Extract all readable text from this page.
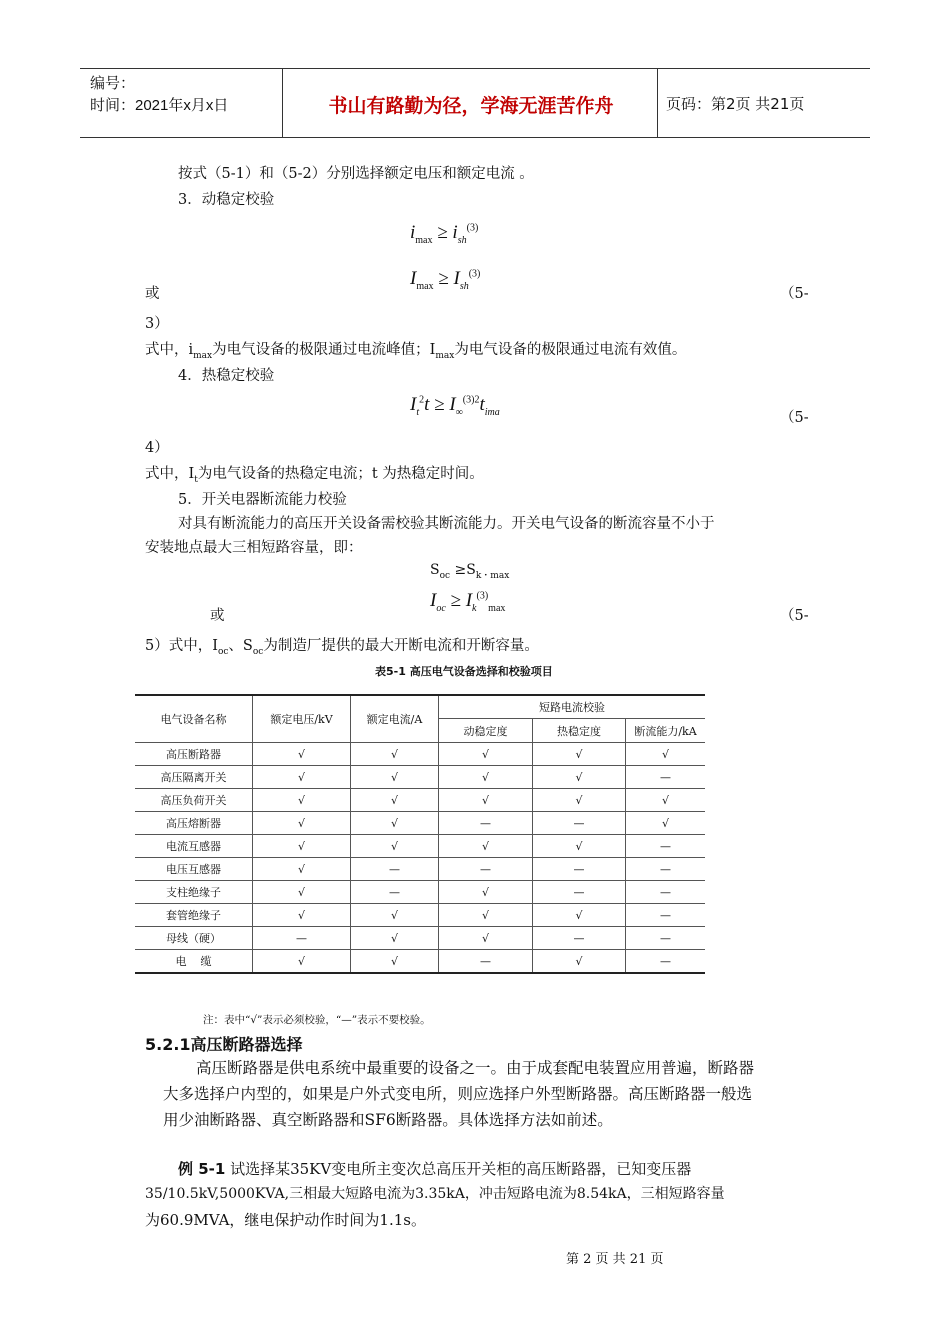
编号：
时间：2021年x月x日	书山有路勤为径，学海无涯苦作舟	页码：第2页 共21页
按式（5-1）和（5-2）分别选择额定电压和额定电流 。
3．动稳定校验
$i_{max} \ge i_{sh}^{(3)}$
或
$I_{max} \ge I_{sh}^{(3)}$
（5-
3）
式中，$i_{max}$为电气设备的极限通过电流峰值；$I_{max}$为电气设备的极限通过电流有效值。
4．热稳定校验
$I_t^2t \ge I_\infty^{(3)2}t_{ima}$	（5-
4）
式中，$I_t$为电气设备的热稳定电流；t 为热稳定时间。
5．开关电器断流能力校验
对具有断流能力的高压开关设备需校验其断流能力。开关电气设备的断流容量不小于
安装地点最大三相短路容量，即：
$S_{oc} \ge S_{k・max}$
或
$I_{oc} \ge I_k^{(3)}_{max}$	（5-
5）式中，$I_{oc}$、$S_{oc}$为制造厂提供的最大开断电流和开断容量。
表5-1 高压电气设备选择和校验项目
电气设备名称	额定电压/kV	额定电流/A	短路电流校验		
			动稳定度	热稳定度	断流能力/kA
高压断路器	√	√	√	√	√
高压隔离开关	√	√	√	√	—
高压负荷开关	√	√	√	√	√
高压熔断器	√	√	—	—	√
电流互感器	√	√	√	√	—
电压互感器	√	—	—	—	—
支柱绝缘子	√	—	√	—	—
套管绝缘子	√	√	√	√	—
母线（硬）	—	√	√	—	—
电    缆	√	√	—	√	—
注：表中“√”表示必须校验，“—”表示不要校验。
5.2.1高压断路器选择
高压断路器是供电系统中最重要的设备之一。由于成套配电装置应用普遍，断路器
大多选择户内型的，如果是户外式变电所，则应选择户外型断路器。高压断路器一般选
用少油断路器、真空断路器和SF6断路器。具体选择方法如前述。
例 5-1 试选择某35KV变电所主变次总高压开关柜的高压断路器，已知变压器
35/10.5kV,5000KVA,三相最大短路电流为3.35kA，冲击短路电流为8.54kA，三相短路容量
为60.9MVA，继电保护动作时间为1.1s。
第 2 页 共 21 页
